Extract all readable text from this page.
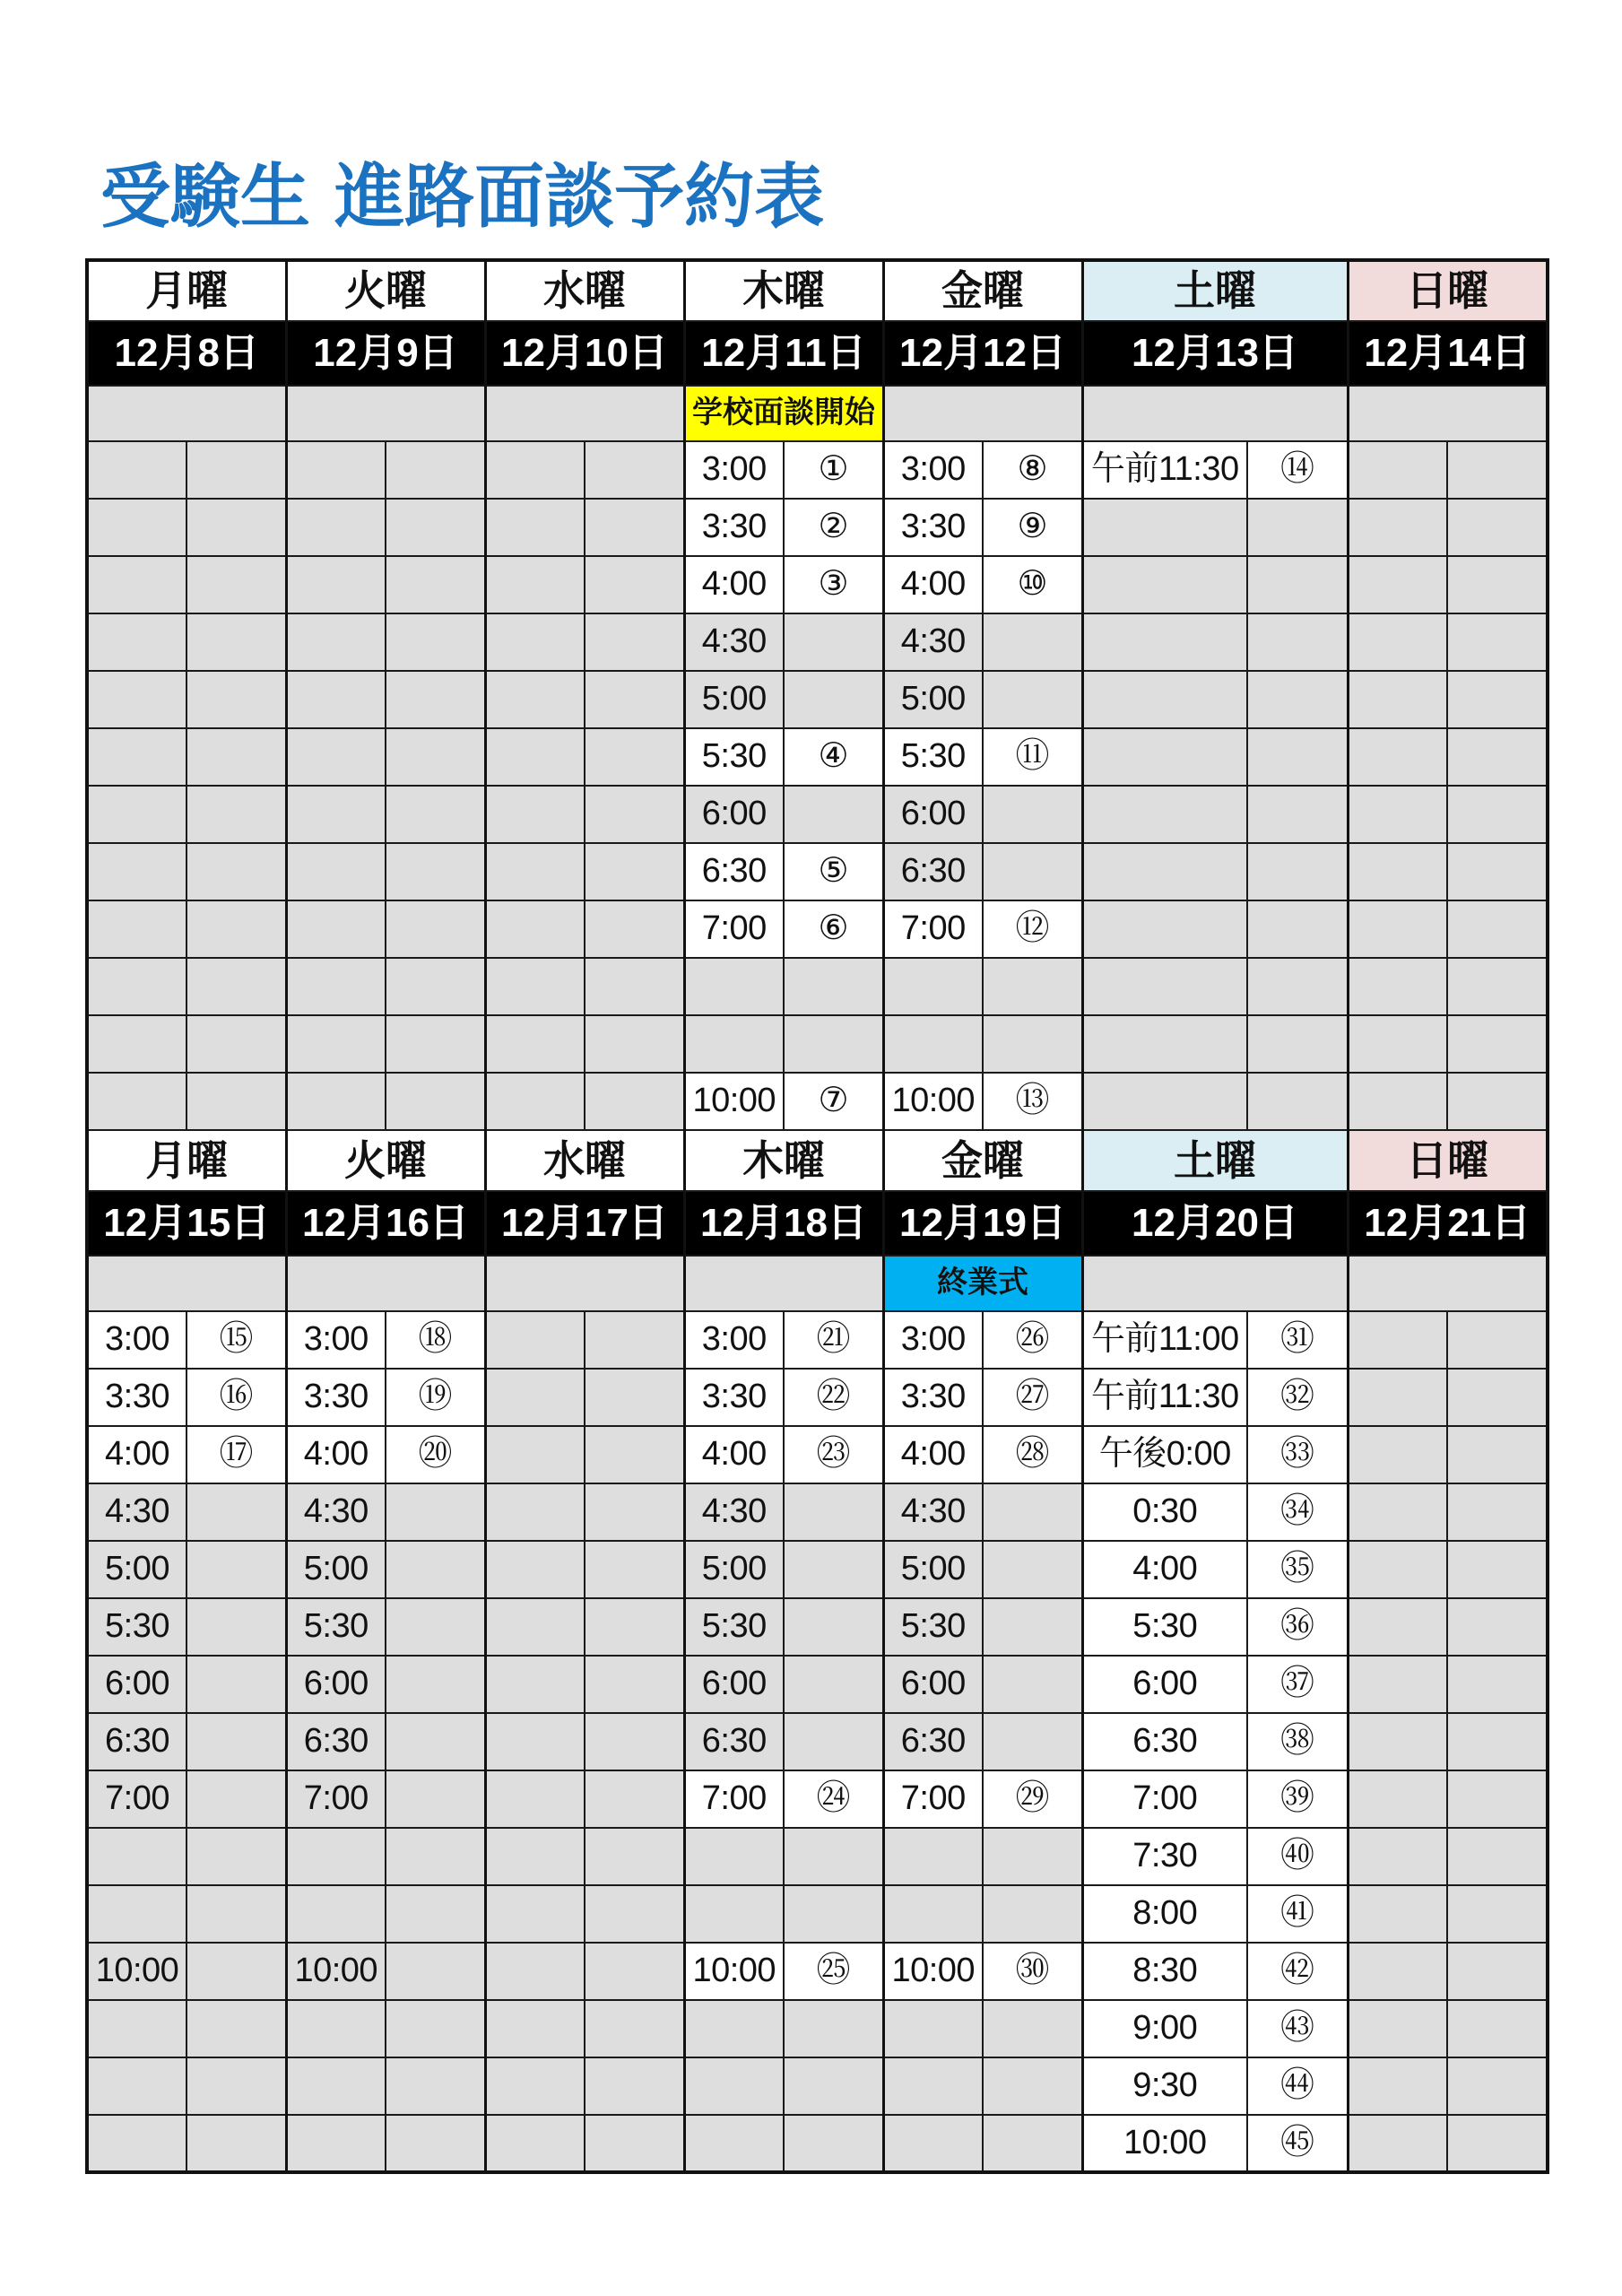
受験生 進路面談予約表
月曜		火曜		水曜		木曜		金曜		土曜		日曜	
12月8日		12月9日		12月10日		12月11日		12月12日		12月13日		12月14日	
						学校面談開始							
						3:00	①	3:00	⑧	午前11:30	⑭		
						3:30	②	3:30	⑨				
						4:00	③	4:00	⑩				
						4:30		4:30					
						5:00		5:00					
						5:30	④	5:30	⑪				
						6:00		6:00					
						6:30	⑤	6:30					
						7:00	⑥	7:00	⑫				

						10:00	⑦	10:00	⑬				
月曜		火曜		水曜		木曜		金曜		土曜		日曜	
12月15日		12月16日		12月17日		12月18日		12月19日		12月20日		12月21日	
								終業式					
3:00	⑮	3:00	⑱			3:00	㉑	3:00	㉖	午前11:00	㉛		
3:30	⑯	3:30	⑲			3:30	㉒	3:30	㉗	午前11:30	㉜		
4:00	⑰	4:00	⑳			4:00	㉓	4:00	㉘	午後0:00	㉝		
4:30		4:30				4:30		4:30		0:30	㉞		
5:00		5:00				5:00		5:00		4:00	㉟		
5:30		5:30				5:30		5:30		5:30	㊱		
6:00		6:00				6:00		6:00		6:00	㊲		
6:30		6:30				6:30		6:30		6:30	㊳		
7:00		7:00				7:00	㉔	7:00	㉙	7:00	㊴		
										7:30	㊵		
										8:00	㊶		
10:00		10:00				10:00	㉕	10:00	㉚	8:30	㊷		
										9:00	㊸		
										9:30	㊹		
										10:00	㊺		
